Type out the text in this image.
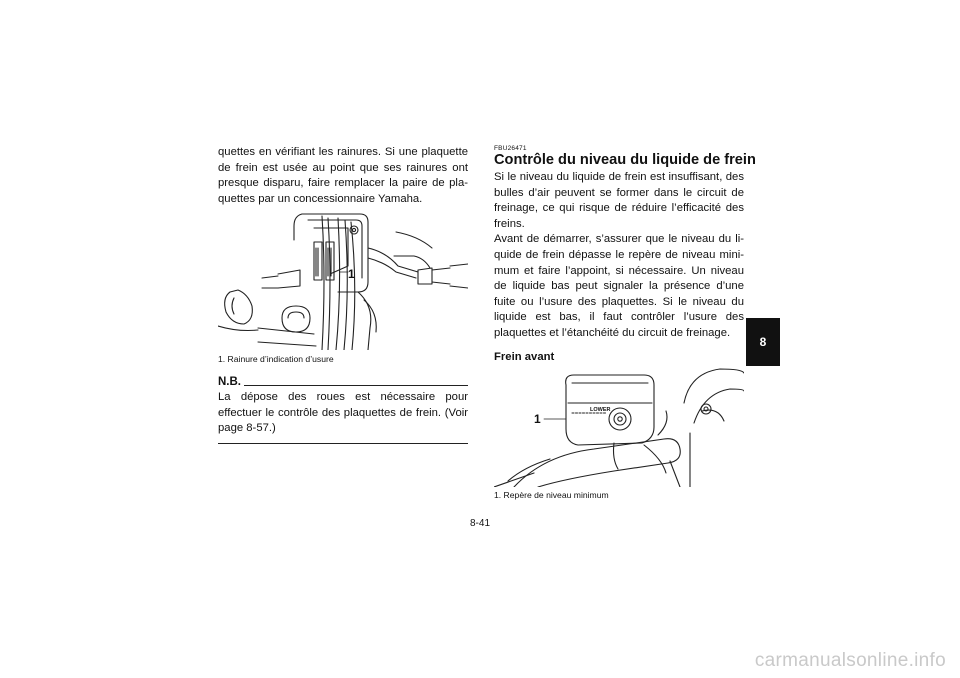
quettes en vérifiant les rainures. Si une plaquette de frein est usée au point que ses rainures ont presque disparu, faire remplacer la paire de pla-quettes par un concessionnaire Yamaha.

1
1. Rainure d’indication d’usure
N.B.
La dépose des roues est nécessaire pour effectuer le contrôle des plaquettes de frein. (Voir page 8-57.)

FBU26471

Contrôle du niveau du liquide de frein

Si le niveau du liquide de frein est insuffisant, des bulles d’air peuvent se former dans le circuit de freinage, ce qui risque de réduire l’efficacité des freins.

Avant de démarrer, s’assurer que le niveau du li-quide de frein dépasse le repère de niveau mini-mum et faire l’appoint, si nécessaire. Un niveau de liquide bas peut signaler la présence d’une fuite ou l’usure des plaquettes. Si le niveau du liquide est bas, il faut contrôler l’usure des plaquettes et l’étanchéité du circuit de freinage.

Frein avant

1
LOWER
1. Repère de niveau minimum
8
8-41
carmanualsonline.info
